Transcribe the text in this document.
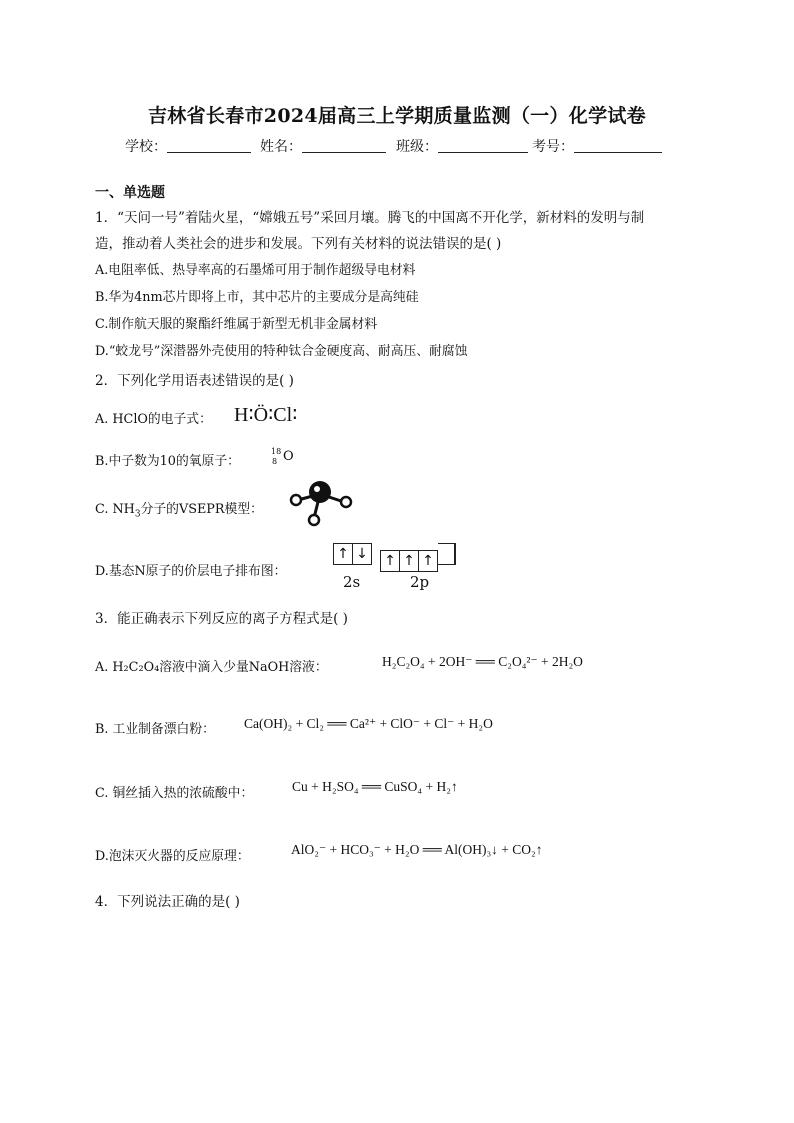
吉林省长春市2024届高三上学期质量监测（一）化学试卷
学校：	姓名：	班级：	考号：
一、单选题
1．“天问一号”着陆火星，“嫦娥五号”采回月壤。腾飞的中国离不开化学，新材料的发明与制
造，推动着人类社会的进步和发展。下列有关材料的说法错误的是( )
A.电阻率低、热导率高的石墨烯可用于制作超级导电材料
B.华为4nm芯片即将上市，其中芯片的主要成分是高纯硅
C.制作航天服的聚酯纤维属于新型无机非金属材料
D.“蛟龙号”深潜器外壳使用的特种钛合金硬度高、耐高压、耐腐蚀
2．下列化学用语表述错误的是( )
A. HClO的电子式： H∶Ö∶Cl∶
B.中子数为10的氧原子：
18
8 O
C. $NH_3$分子的VSEPR模型：
D.基态N原子的价层电子排布图：
↑ ↓ ↑ ↑ ↑
2s	2p
3．能正确表示下列反应的离子方程式是( )
A. H₂C₂O₄溶液中滴入少量NaOH溶液：	H₂C₂O₄ + 2OH⁻ ══ C₂O₄²⁻ + 2H₂O
B. 工业制备漂白粉： Ca(OH)₂ + Cl₂ ══ Ca²⁺ + ClO⁻ + Cl⁻ + H₂O
C. 铜丝插入热的浓硫酸中：	Cu + H₂SO₄ ══ CuSO₄ + H₂↑
D.泡沫灭火器的反应原理：	AlO₂⁻ + HCO₃⁻ + H₂O ══ Al(OH)₃↓ + CO₂↑
4．下列说法正确的是( )
